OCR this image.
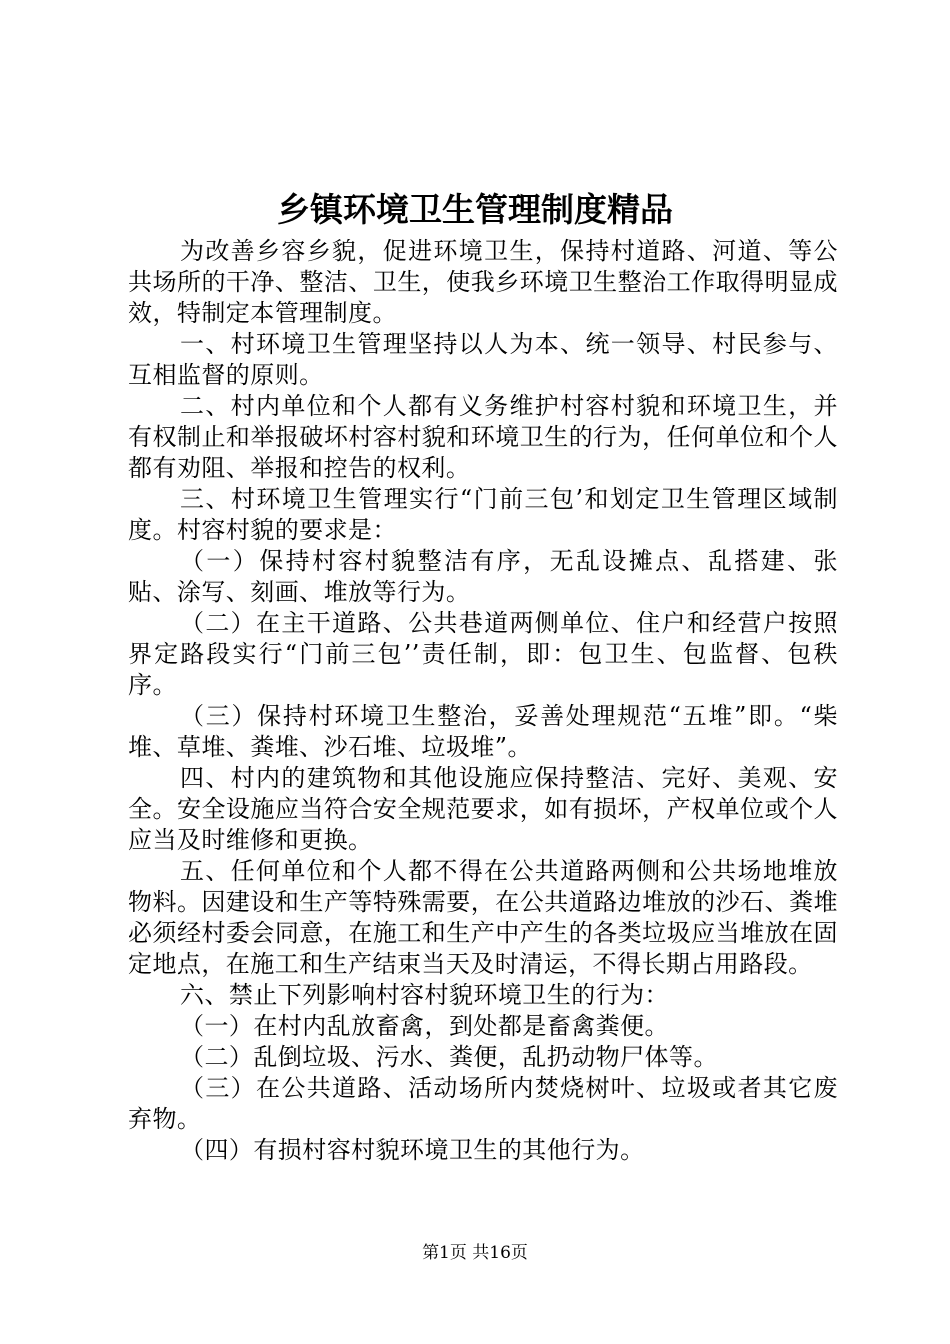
乡镇环境卫生管理制度精品

为改善乡容乡貌，促进环境卫生，保持村道路、河道、等公共场所的干净、整洁、卫生，使我乡环境卫生整治工作取得明显成效，特制定本管理制度。

一、村环境卫生管理坚持以人为本、统一领导、村民参与、互相监督的原则。

二、村内单位和个人都有义务维护村容村貌和环境卫生，并有权制止和举报破坏村容村貌和环境卫生的行为，任何单位和个人都有劝阻、举报和控告的权利。

三、村环境卫生管理实行“门前三包’和划定卫生管理区域制度。村容村貌的要求是：

（一）保持村容村貌整洁有序，无乱设摊点、乱搭建、张贴、涂写、刻画、堆放等行为。

（二）在主干道路、公共巷道两侧单位、住户和经营户按照界定路段实行“门前三包’’责任制，即：包卫生、包监督、包秩序。

（三）保持村环境卫生整治，妥善处理规范“五堆”即。“柴堆、草堆、粪堆、沙石堆、垃圾堆”。

四、村内的建筑物和其他设施应保持整洁、完好、美观、安全。安全设施应当符合安全规范要求，如有损坏，产权单位或个人应当及时维修和更换。

五、任何单位和个人都不得在公共道路两侧和公共场地堆放物料。因建设和生产等特殊需要，在公共道路边堆放的沙石、粪堆必须经村委会同意，在施工和生产中产生的各类垃圾应当堆放在固定地点，在施工和生产结束当天及时清运，不得长期占用路段。

六、禁止下列影响村容村貌环境卫生的行为：

（一）在村内乱放畜禽，到处都是畜禽粪便。

（二）乱倒垃圾、污水、粪便，乱扔动物尸体等。

（三）在公共道路、活动场所内焚烧树叶、垃圾或者其它废弃物。

（四）有损村容村貌环境卫生的其他行为。

第1页 共16页
